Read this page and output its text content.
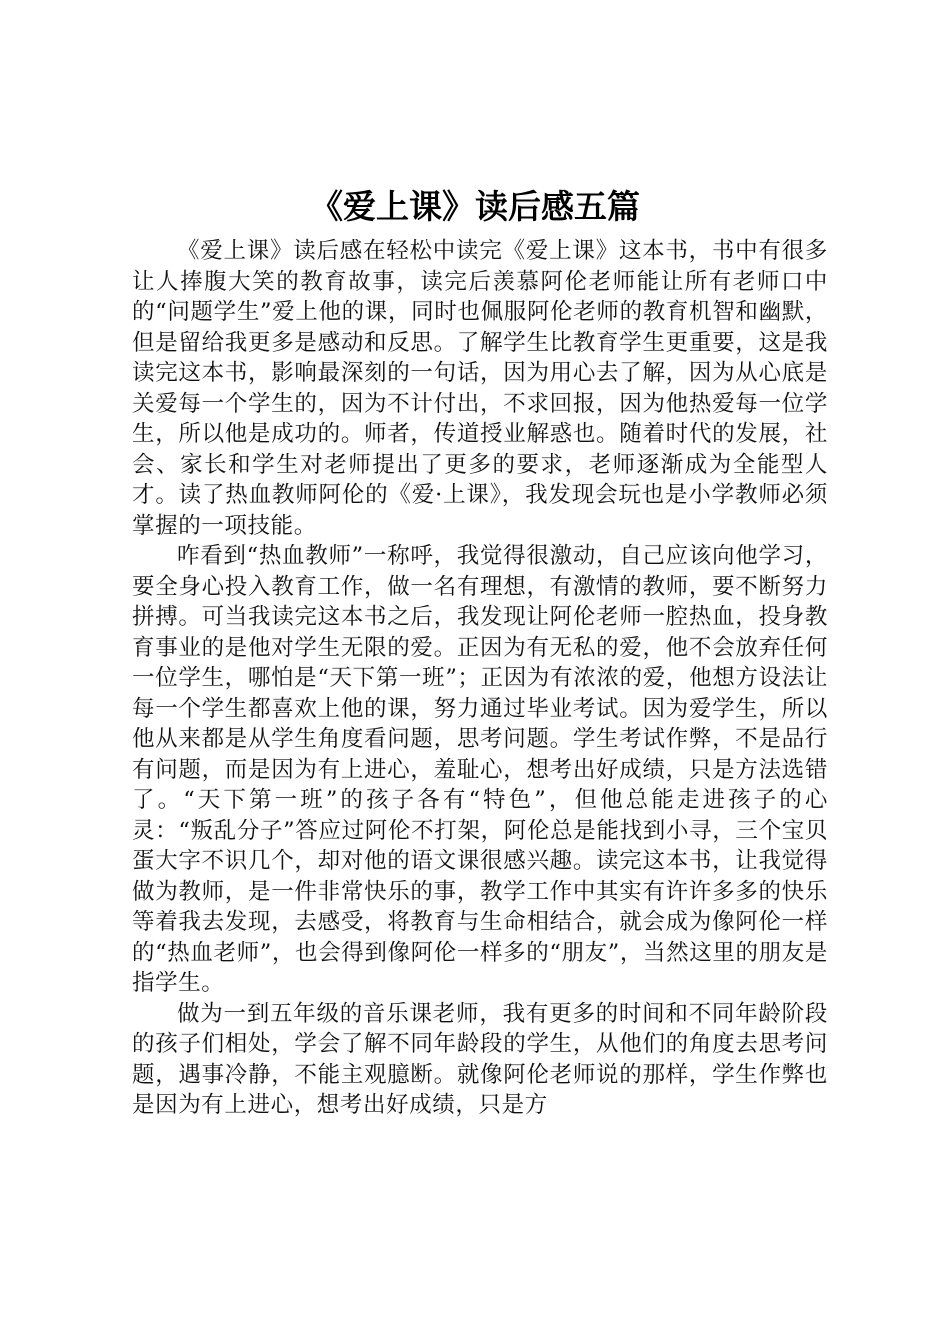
《爱上课》读后感五篇

《爱上课》读后感在轻松中读完《爱上课》这本书，书中有很多让人捧腹大笑的教育故事，读完后羡慕阿伦老师能让所有老师口中的“问题学生”爱上他的课，同时也佩服阿伦老师的教育机智和幽默，但是留给我更多是感动和反思。了解学生比教育学生更重要，这是我读完这本书，影响最深刻的一句话，因为用心去了解，因为从心底是关爱每一个学生的，因为不计付出，不求回报，因为他热爱每一位学生，所以他是成功的。师者，传道授业解惑也。随着时代的发展，社会、家长和学生对老师提出了更多的要求，老师逐渐成为全能型人才。读了热血教师阿伦的《爱·上课》，我发现会玩也是小学教师必须掌握的一项技能。

咋看到“热血教师”一称呼，我觉得很激动，自己应该向他学习，要全身心投入教育工作，做一名有理想，有激情的教师，要不断努力拼搏。可当我读完这本书之后，我发现让阿伦老师一腔热血，投身教育事业的是他对学生无限的爱。正因为有无私的爱，他不会放弃任何一位学生，哪怕是“天下第一班”；正因为有浓浓的爱，他想方设法让每一个学生都喜欢上他的课，努力通过毕业考试。因为爱学生，所以他从来都是从学生角度看问题，思考问题。学生考试作弊，不是品行有问题，而是因为有上进心，羞耻心，想考出好成绩，只是方法选错了。“天下第一班”的孩子各有“特色”，但他总能走进孩子的心灵：“叛乱分子”答应过阿伦不打架，阿伦总是能找到小寻，三个宝贝蛋大字不识几个，却对他的语文课很感兴趣。读完这本书，让我觉得做为教师，是一件非常快乐的事，教学工作中其实有许许多多的快乐等着我去发现，去感受，将教育与生命相结合，就会成为像阿伦一样的“热血老师”，也会得到像阿伦一样多的“朋友”，当然这里的朋友是指学生。

做为一到五年级的音乐课老师，我有更多的时间和不同年龄阶段的孩子们相处，学会了解不同年龄段的学生，从他们的角度去思考问题，遇事冷静，不能主观臆断。就像阿伦老师说的那样，学生作弊也是因为有上进心，想考出好成绩，只是方
